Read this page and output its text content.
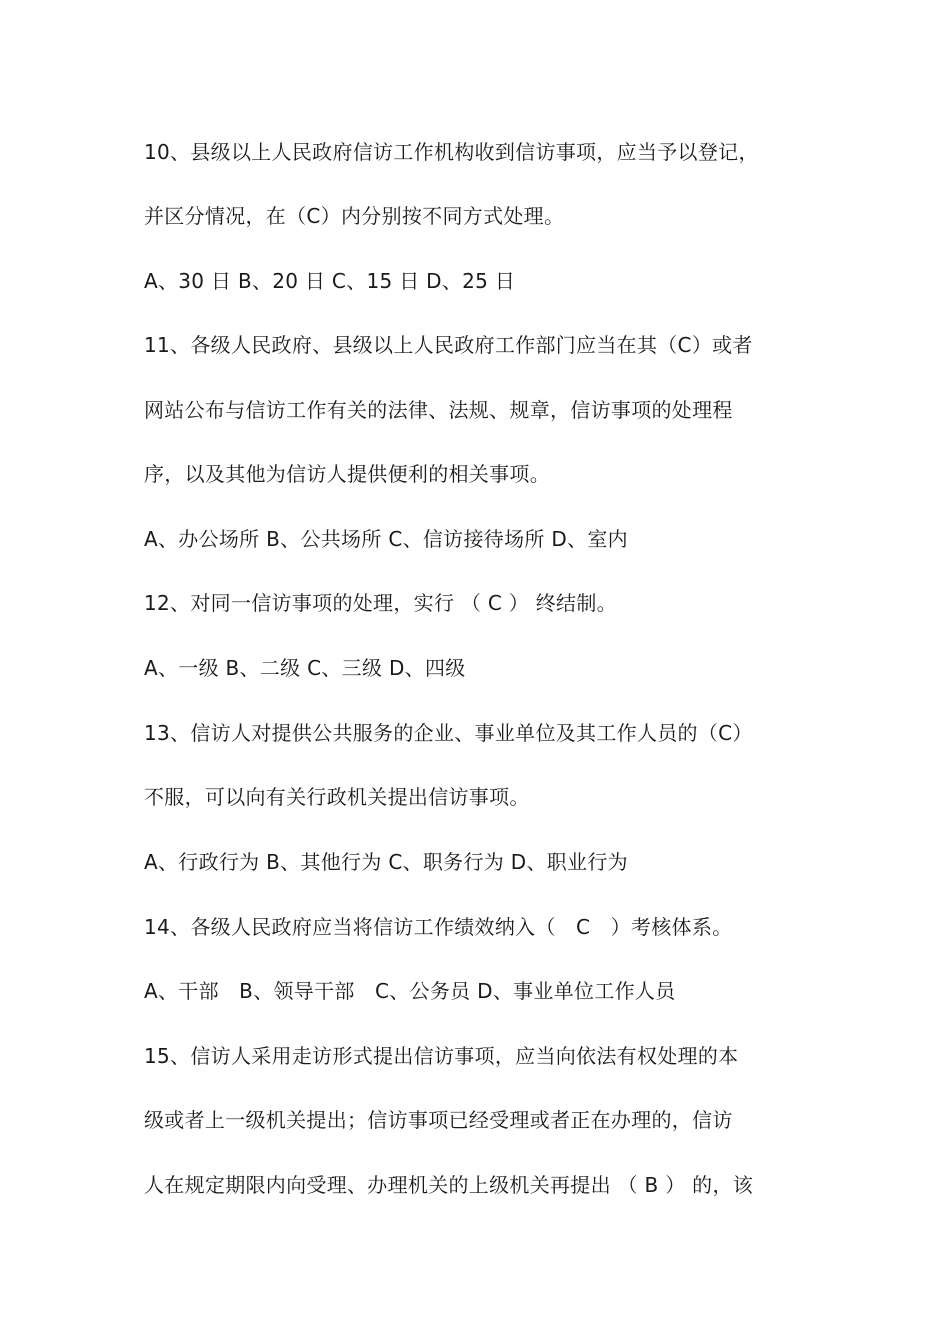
10、县级以上人民政府信访工作机构收到信访事项，应当予以登记，
并区分情况，在（C）内分别按不同方式处理。
A、30 日 B、20 日 C、15 日 D、25 日
11、各级人民政府、县级以上人民政府工作部门应当在其（C）或者
网站公布与信访工作有关的法律、法规、规章，信访事项的处理程
序，以及其他为信访人提供便利的相关事项。
A、办公场所 B、公共场所 C、信访接待场所 D、室内
12、对同一信访事项的处理，实行 （ C ） 终结制。
A、一级 B、二级 C、三级 D、四级
13、信访人对提供公共服务的企业、事业单位及其工作人员的（C）
不服，可以向有关行政机关提出信访事项。
A、行政行为 B、其他行为 C、职务行为 D、职业行为
14、各级人民政府应当将信访工作绩效纳入（　C　）考核体系。
A、干部　B、领导干部　C、公务员 D、事业单位工作人员
15、信访人采用走访形式提出信访事项，应当向依法有权处理的本
级或者上一级机关提出；信访事项已经受理或者正在办理的，信访
人在规定期限内向受理、办理机关的上级机关再提出 （ B ） 的，该
